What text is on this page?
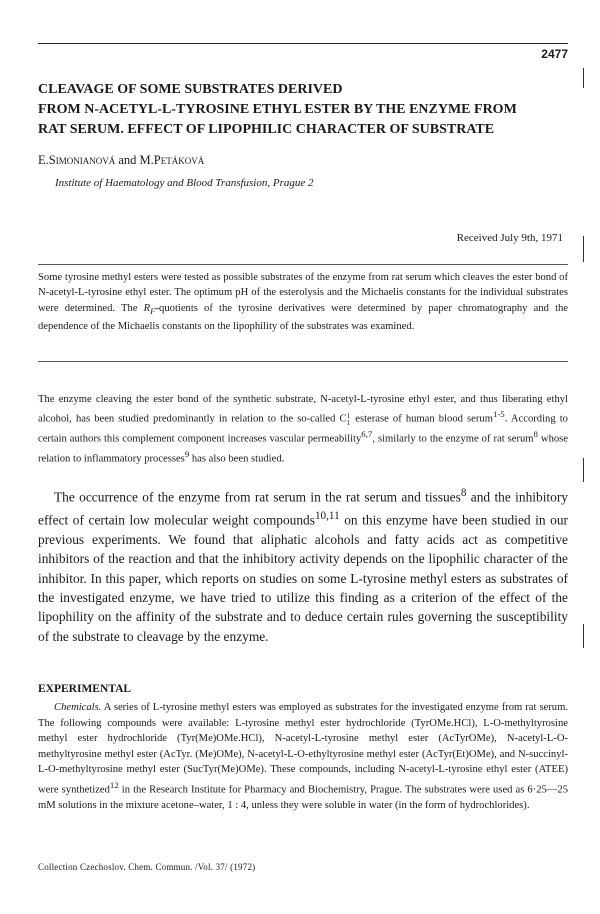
2477
CLEAVAGE OF SOME SUBSTRATES DERIVED
FROM N-ACETYL-L-TYROSINE ETHYL ESTER BY THE ENZYME FROM
RAT SERUM. EFFECT OF LIPOPHILIC CHARACTER OF SUBSTRATE
E.Simonianová and M.Petáková
Institute of Haematology and Blood Transfusion, Prague 2
Received July 9th, 1971

Some tyrosine methyl esters were tested as possible substrates of the enzyme from rat serum which cleaves the ester bond of N-acetyl-L-tyrosine ethyl ester. The optimum pH of the esterolysis and the Michaelis constants for the individual substrates were determined. The $R_F$-quotients of the tyrosine derivatives were determined by paper chromatography and the dependence of the Michaelis constants on the lipophility of the substrates was examined.

The enzyme cleaving the ester bond of the synthetic substrate, N-acetyl-L-tyrosine ethyl ester, and thus liberating ethyl alcohol, has been studied predominantly in relation to the so-called C 1
1 esterase of human blood serum$^{1-5}$. According to certain authors this complement component increases vascular permeability$^{6,7}$, similarly to the enzyme of rat serum$^8$ whose relation to inflammatory processes$^9$ has also been studied.

The occurrence of the enzyme from rat serum in the rat serum and tissues$^8$ and the inhibitory effect of certain low molecular weight compounds$^{10,11}$ on this enzyme have been studied in our previous experiments. We found that aliphatic alcohols and fatty acids act as competitive inhibitors of the reaction and that the inhibitory activity depends on the lipophilic character of the inhibitor. In this paper, which reports on studies on some L-tyrosine methyl esters as substrates of the investigated enzyme, we have tried to utilize this finding as a criterion of the effect of the lipophility on the affinity of the substrate and to deduce certain rules governing the susceptibility of the substrate to cleavage by the enzyme.

EXPERIMENTAL

Chemicals. A series of L-tyrosine methyl esters was employed as substrates for the investigated enzyme from rat serum. The following compounds were available: L-tyrosine methyl ester hydrochloride (TyrOMe.HCl), L-O-methyltyrosine methyl ester hydrochloride (Tyr(Me)OMe.HCl), N-acetyl-L-tyrosine methyl ester (AcTyrOMe), N-acetyl-L-O-methyltyrosine methyl ester (AcTyr. (Me)OMe), N-acetyl-L-O-ethyltyrosine methyl ester (AcTyr(Et)OMe), and N-succinyl-L-O-methyltyrosine methyl ester (SucTyr(Me)OMe). These compounds, including N-acetyl-L-tyrosine ethyl ester (ATEE) were synthetized$^{12}$ in the Research Institute for Pharmacy and Biochemistry, Prague. The substrates were used as 6·25—25 mM solutions in the mixture acetone–water, 1 : 4, unless they were soluble in water (in the form of hydrochlorides).

Collection Czechoslov. Chem. Commun. /Vol. 37/ (1972)
